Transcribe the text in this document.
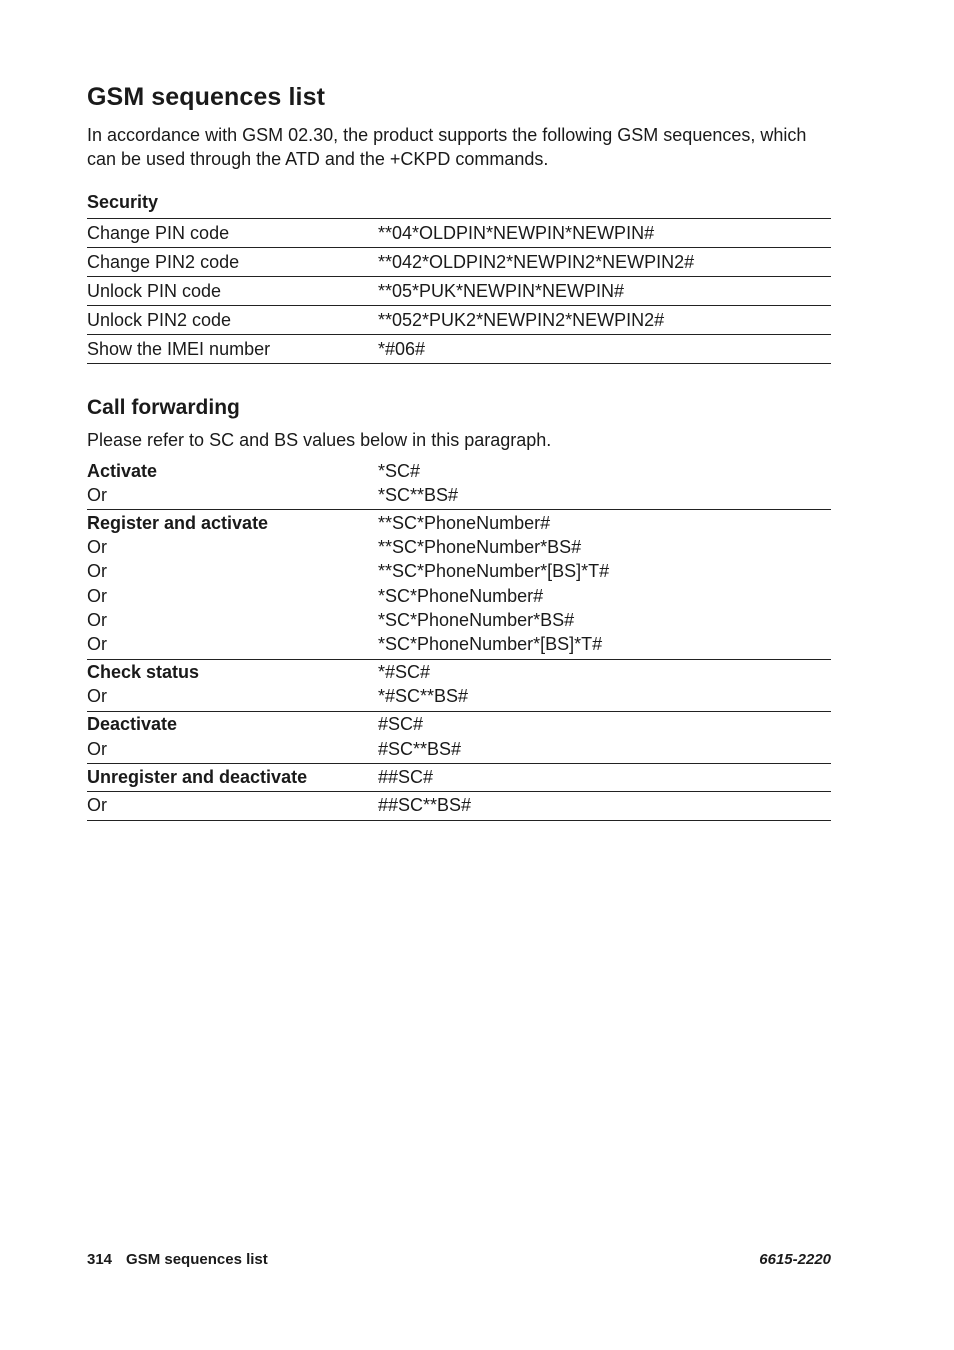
GSM sequences list

In accordance with GSM 02.30, the product supports the following GSM sequences, which can be used through the ATD and the +CKPD commands.

Security
Change PIN code	**04*OLDPIN*NEWPIN*NEWPIN#
Change PIN2 code	**042*OLDPIN2*NEWPIN2*NEWPIN2#
Unlock PIN code	**05*PUK*NEWPIN*NEWPIN#
Unlock PIN2 code	**052*PUK2*NEWPIN2*NEWPIN2#
Show the IMEI number	*#06#
Call forwarding

Please refer to SC and BS values below in this paragraph.

Activate	*SC#
Or	*SC**BS#
Register and activate	**SC*PhoneNumber#
Or	**SC*PhoneNumber*BS#
Or	**SC*PhoneNumber*[BS]*T#
Or	*SC*PhoneNumber#
Or	*SC*PhoneNumber*BS#
Or	*SC*PhoneNumber*[BS]*T#
Check status	*#SC#
Or	*#SC**BS#
Deactivate	#SC#
Or	#SC**BS#
Unregister and deactivate	##SC#
Or	##SC**BS#
314 GSM sequences list	6615-2220
